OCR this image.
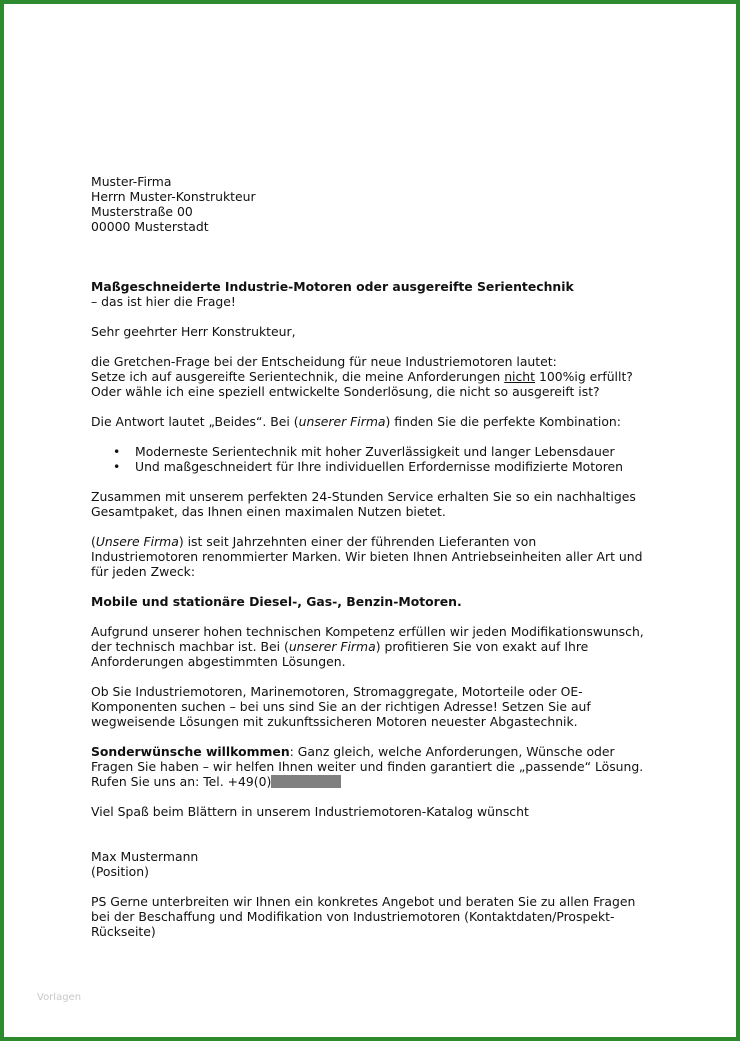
Muster-Firma

Herrn Muster-Konstrukteur

Musterstraße 00

00000 Musterstadt

Maßgeschneiderte Industrie-Motoren oder ausgereifte Serientechnik

– das ist hier die Frage!

Sehr geehrter Herr Konstrukteur,

die Gretchen-Frage bei der Entscheidung für neue Industriemotoren lautet:

Setze ich auf ausgereifte Serientechnik, die meine Anforderungen nicht 100%ig erfüllt?

Oder wähle ich eine speziell entwickelte Sonderlösung, die nicht so ausgereift ist?

Die Antwort lautet „Beides“. Bei (unserer Firma) finden Sie die perfekte Kombination:

• Moderneste Serientechnik mit hoher Zuverlässigkeit und langer Lebensdauer
• Und maßgeschneidert für Ihre individuellen Erfordernisse modifizierte Motoren

Zusammen mit unserem perfekten 24-Stunden Service erhalten Sie so ein nachhaltiges

Gesamtpaket, das Ihnen einen maximalen Nutzen bietet.

(Unsere Firma) ist seit Jahrzehnten einer der führenden Lieferanten von

Industriemotoren renommierter Marken. Wir bieten Ihnen Antriebseinheiten aller Art und

für jeden Zweck:

Mobile und stationäre Diesel-, Gas-, Benzin-Motoren.

Aufgrund unserer hohen technischen Kompetenz erfüllen wir jeden Modifikationswunsch,

der technisch machbar ist. Bei (unserer Firma) profitieren Sie von exakt auf Ihre

Anforderungen abgestimmten Lösungen.

Ob Sie Industriemotoren, Marinemotoren, Stromaggregate, Motorteile oder OE-

Komponenten suchen – bei uns sind Sie an der richtigen Adresse! Setzen Sie auf

wegweisende Lösungen mit zukunftssicheren Motoren neuester Abgastechnik.

Sonderwünsche willkommen: Ganz gleich, welche Anforderungen, Wünsche oder

Fragen Sie haben – wir helfen Ihnen weiter und finden garantiert die „passende“ Lösung.

Rufen Sie uns an: Tel. +49(0)

Viel Spaß beim Blättern in unserem Industriemotoren-Katalog wünscht

Max Mustermann

(Position)

PS Gerne unterbreiten wir Ihnen ein konkretes Angebot und beraten Sie zu allen Fragen

bei der Beschaffung und Modifikation von Industriemotoren (Kontaktdaten/Prospekt-

Rückseite)

Vorlagen
